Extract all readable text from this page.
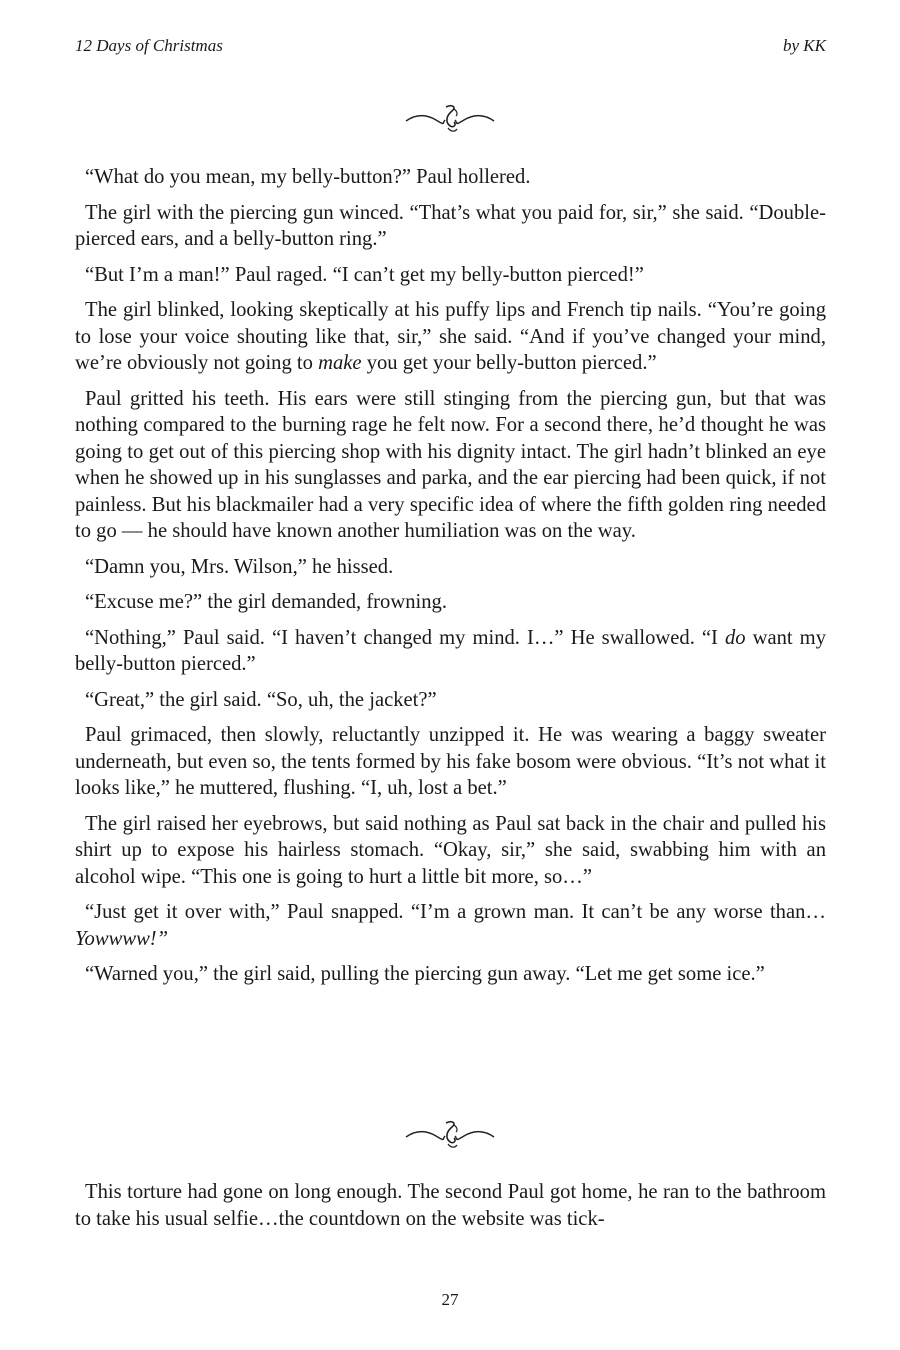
12 Days of Christmas	by KK

“What do you mean, my belly-button?” Paul hollered.

The girl with the piercing gun winced. “That’s what you paid for, sir,” she said. “Double-pierced ears, and a belly-button ring.”

“But I’m a man!” Paul raged. “I can’t get my belly-button pierced!”

The girl blinked, looking skeptically at his puffy lips and French tip nails. “You’re going to lose your voice shouting like that, sir,” she said. “And if you’ve changed your mind, we’re obviously not going to make you get your belly-button pierced.”

Paul gritted his teeth. His ears were still stinging from the piercing gun, but that was nothing compared to the burning rage he felt now. For a second there, he’d thought he was going to get out of this piercing shop with his dignity intact. The girl hadn’t blinked an eye when he showed up in his sunglasses and parka, and the ear piercing had been quick, if not painless. But his blackmailer had a very specific idea of where the fifth golden ring needed to go — he should have known another humiliation was on the way.

“Damn you, Mrs. Wilson,” he hissed.

“Excuse me?” the girl demanded, frowning.

“Nothing,” Paul said. “I haven’t changed my mind. I…” He swallowed. “I do want my belly-button pierced.”

“Great,” the girl said. “So, uh, the jacket?”

Paul grimaced, then slowly, reluctantly unzipped it. He was wearing a baggy sweater underneath, but even so, the tents formed by his fake bosom were obvious. “It’s not what it looks like,” he muttered, flushing. “I, uh, lost a bet.”

The girl raised her eyebrows, but said nothing as Paul sat back in the chair and pulled his shirt up to expose his hairless stomach. “Okay, sir,” she said, swabbing him with an alcohol wipe. “This one is going to hurt a little bit more, so…”

“Just get it over with,” Paul snapped. “I’m a grown man. It can’t be any worse than…Yowwww!”

“Warned you,” the girl said, pulling the piercing gun away. “Let me get some ice.”

This torture had gone on long enough. The second Paul got home, he ran to the bathroom to take his usual selfie…the countdown on the website was tick-

27
